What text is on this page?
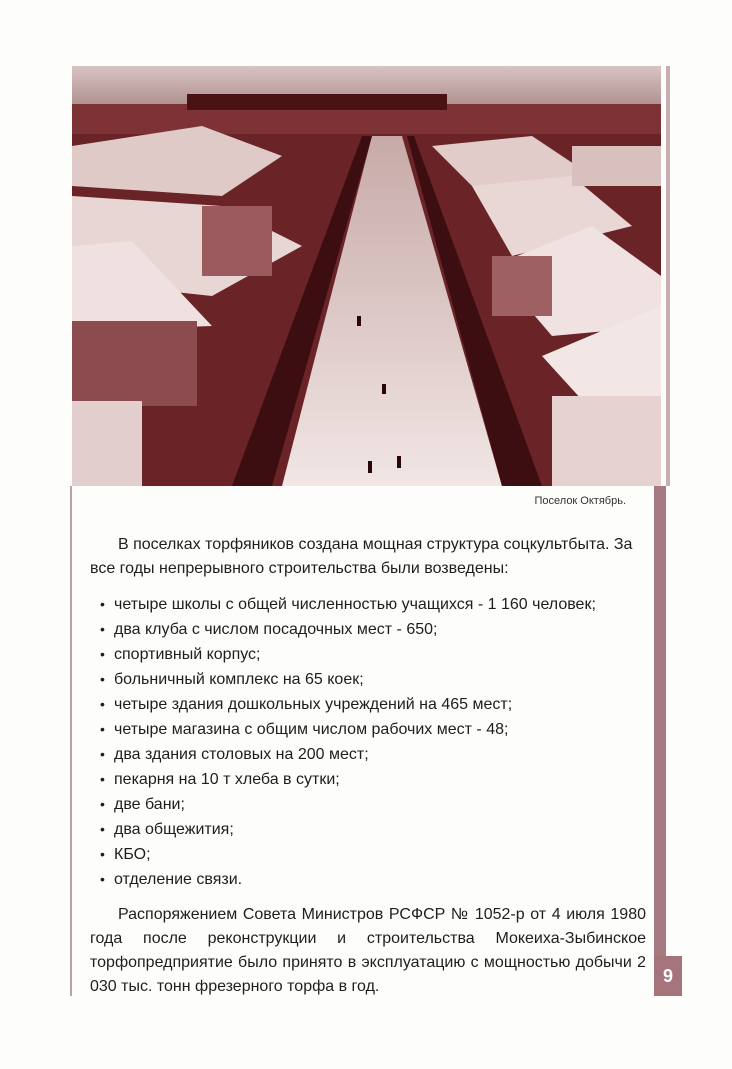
Поселок Октябрь.

В поселках торфяников создана мощная структура соцкультбыта. За все годы непрерывного строительства были возведены:

• четыре школы с общей численностью учащихся - 1 160 человек;
• два клуба с числом посадочных мест - 650;
• спортивный корпус;
• больничный комплекс на 65 коек;
• четыре здания дошкольных учреждений на 465 мест;
• четыре магазина с общим числом рабочих мест - 48;
• два здания столовых на 200 мест;
• пекарня на 10 т хлеба в сутки;
• две бани;
• два общежития;
• КБО;
• отделение связи.

Распоряжением Совета Министров РСФСР № 1052-р от 4 июля 1980 года после реконструкции и строительства Мокеиха-Зыбинское торфопредприятие было принято в эксплуатацию с мощностью добычи 2 030 тыс. тонн фрезерного торфа в год.

9
